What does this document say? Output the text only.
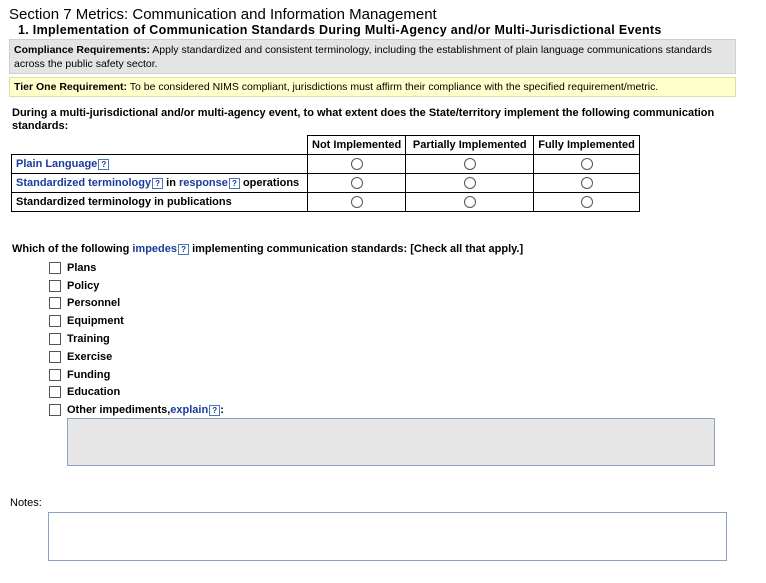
Section 7 Metrics: Communication and Information Management
1. Implementation of Communication Standards During Multi-Agency and/or Multi-Jurisdictional Events
Compliance Requirements: Apply standardized and consistent terminology, including the establishment of plain language communications standards across the public safety sector.
Tier One Requirement: To be considered NIMS compliant, jurisdictions must affirm their compliance with the specified requirement/metric.
During a multi-jurisdictional and/or multi-agency event, to what extent does the State/territory implement the following communication standards:
	Not Implemented	Partially Implemented	Fully Implemented
Plain Language ?			
Standardized terminology ? in response ? operations			
Standardized terminology in publications			
Which of the following impedes ? implementing communication standards: [Check all that apply.]
Plans
Policy
Personnel
Equipment
Training
Exercise
Funding
Education
Other impediments, explain ? :
Notes:
